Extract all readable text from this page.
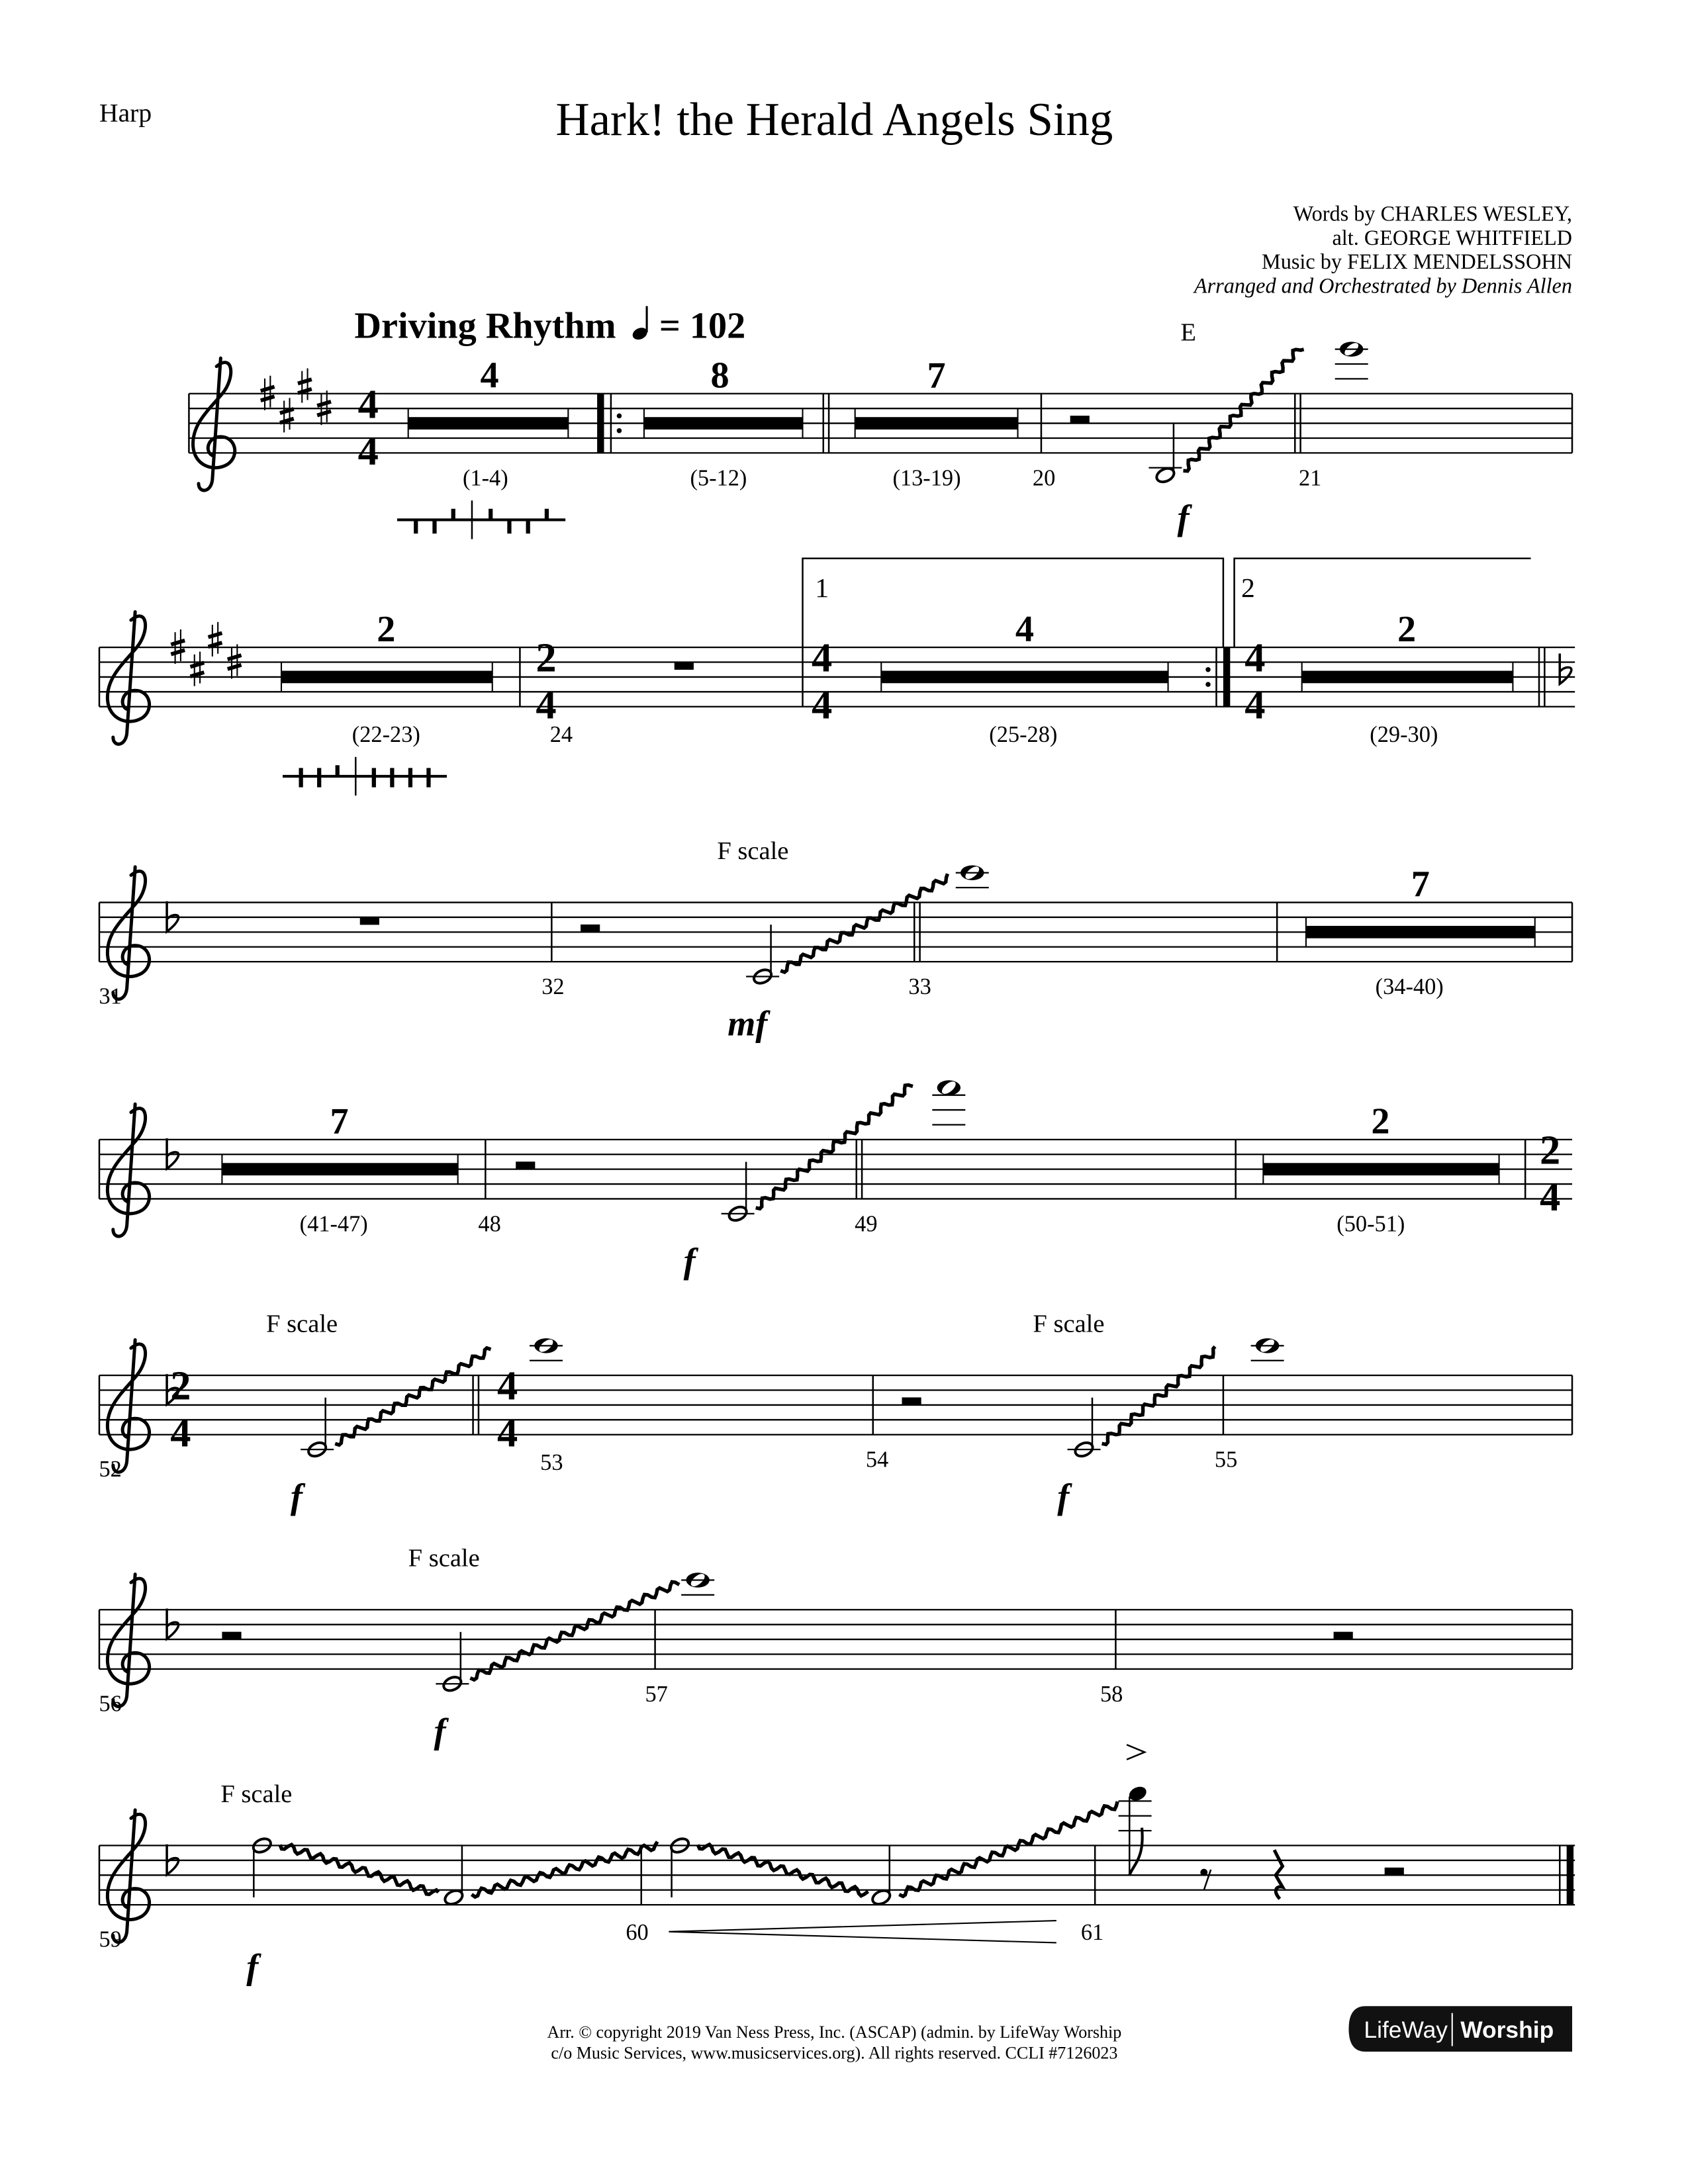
Harp	Hark! the Herald Angels Sing
Words by CHARLES WESLEY,
alt. GEORGE WHITFIELD
Music by FELIX MENDELSSOHN
Arranged and Orchestrated by Dennis Allen
Driving Rhythm = 102
4
4
4	8	7
(1-4)	(5-12)	(13-19)	20	21
E
f
2
2
4
4
4
4
4
4
2
1	2
(22-23)	24	(25-28)	(29-30)
31	32	33
F scale
mf
7
(34-40)
7
(41-47)	48	49
f
2
(50-51)
2
4
2
4
4
4
F scale	F scale
f	f
52	53	54	55
F scale
f
56	57	58
F scale
f
59	60	61
Arr. © copyright 2019 Van Ness Press, Inc. (ASCAP) (admin. by LifeWay Worship
c/o Music Services, www.musicservices.org). All rights reserved. CCLI #7126023
LifeWay Worship
